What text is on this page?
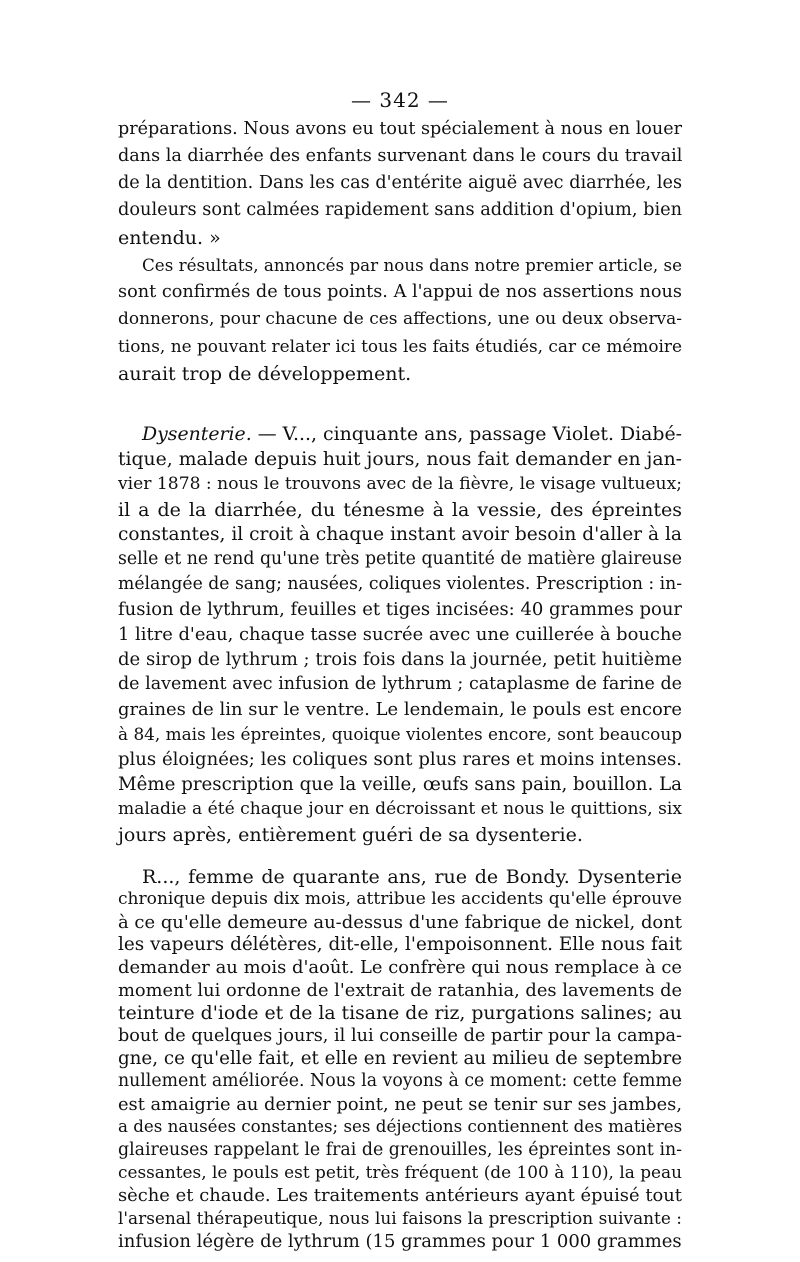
— 342 —
préparations. Nous avons eu tout spécialement à nous en louer
dans la diarrhée des enfants survenant dans le cours du travail
de la dentition. Dans les cas d'entérite aiguë avec diarrhée, les
douleurs sont calmées rapidement sans addition d'opium, bien
entendu. »
Ces résultats, annoncés par nous dans notre premier article, se
sont confirmés de tous points. A l'appui de nos assertions nous
donnerons, pour chacune de ces affections, une ou deux observa-
tions, ne pouvant relater ici tous les faits étudiés, car ce mémoire
aurait trop de développement.
Dysenterie. — V..., cinquante ans, passage Violet. Diabé-
tique, malade depuis huit jours, nous fait demander en jan-
vier 1878 : nous le trouvons avec de la fièvre, le visage vultueux;
il a de la diarrhée, du ténesme à la vessie, des épreintes
constantes, il croit à chaque instant avoir besoin d'aller à la
selle et ne rend qu'une très petite quantité de matière glaireuse
mélangée de sang; nausées, coliques violentes. Prescription : in-
fusion de lythrum, feuilles et tiges incisées: 40 grammes pour
1 litre d'eau, chaque tasse sucrée avec une cuillerée à bouche
de sirop de lythrum ; trois fois dans la journée, petit huitième
de lavement avec infusion de lythrum ; cataplasme de farine de
graines de lin sur le ventre. Le lendemain, le pouls est encore
à 84, mais les épreintes, quoique violentes encore, sont beaucoup
plus éloignées; les coliques sont plus rares et moins intenses.
Même prescription que la veille, œufs sans pain, bouillon. La
maladie a été chaque jour en décroissant et nous le quittions, six
jours après, entièrement guéri de sa dysenterie.
R..., femme de quarante ans, rue de Bondy. Dysenterie
chronique depuis dix mois, attribue les accidents qu'elle éprouve
à ce qu'elle demeure au-dessus d'une fabrique de nickel, dont
les vapeurs délétères, dit-elle, l'empoisonnent. Elle nous fait
demander au mois d'août. Le confrère qui nous remplace à ce
moment lui ordonne de l'extrait de ratanhia, des lavements de
teinture d'iode et de la tisane de riz, purgations salines; au
bout de quelques jours, il lui conseille de partir pour la campa-
gne, ce qu'elle fait, et elle en revient au milieu de septembre
nullement améliorée. Nous la voyons à ce moment: cette femme
est amaigrie au dernier point, ne peut se tenir sur ses jambes,
a des nausées constantes; ses déjections contiennent des matières
glaireuses rappelant le frai de grenouilles, les épreintes sont in-
cessantes, le pouls est petit, très fréquent (de 100 à 110), la peau
sèche et chaude. Les traitements antérieurs ayant épuisé tout
l'arsenal thérapeutique, nous lui faisons la prescription suivante :
infusion légère de lythrum (15 grammes pour 1 000 grammes
